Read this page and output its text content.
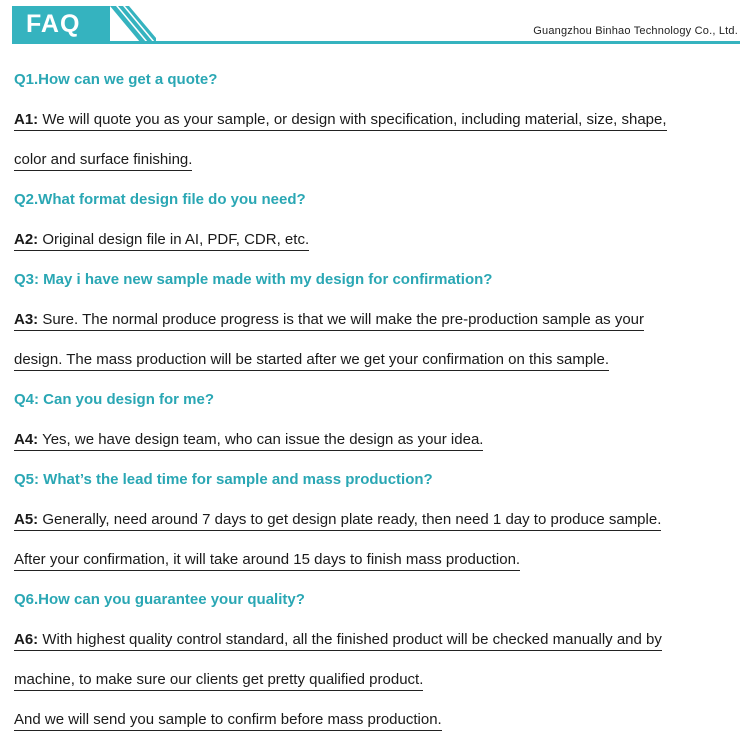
FAQ	Guangzhou Binhao Technology Co., Ltd.
Q1.How can we get a quote?
A1: We will quote you as your sample, or design with specification, including material, size, shape,
color and surface finishing.
Q2.What format design file do you need?
A2: Original design file in AI, PDF, CDR, etc.
Q3: May i have new sample made with my design for confirmation?
A3: Sure. The normal produce progress is that we will make the pre-production sample as your
design. The mass production will be started after we get your confirmation on this sample.
Q4: Can you design for me?
A4: Yes, we have design team, who can issue the design as your idea.
Q5: What’s the lead time for sample and mass production?
A5: Generally, need around 7 days to get design plate ready, then need 1 day to produce sample.
After your confirmation, it will take around 15 days to finish mass production.
Q6.How can you guarantee your quality?
A6: With highest quality control standard, all the finished product will be checked manually and by
machine, to make sure our clients get pretty qualified product.
And we will send you sample to confirm before mass production.
